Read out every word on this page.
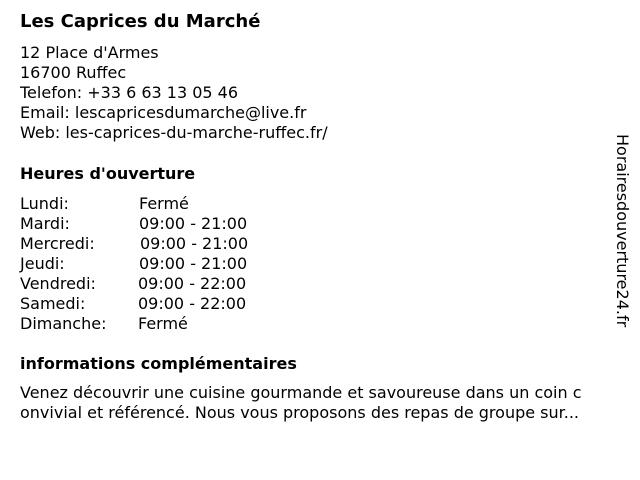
Les Caprices du Marché
12 Place d'Armes
16700 Ruffec
Telefon: +33 6 63 13 05 46
Email: lescapricesdumarche@live.fr
Web: les-caprices-du-marche-ruffec.fr/
Heures d'ouverture
Lundi:	Fermé
Mardi:	09:00 - 21:00
Mercredi:	09:00 - 21:00
Jeudi:	09:00 - 21:00
Vendredi:	09:00 - 22:00
Samedi:	09:00 - 22:00
Dimanche: Fermé
informations complémentaires
Venez découvrir une cuisine gourmande et savoureuse dans un coin c
onvivial et référencé. Nous vous proposons des repas de groupe sur...
Horairesdouverture24.fr
